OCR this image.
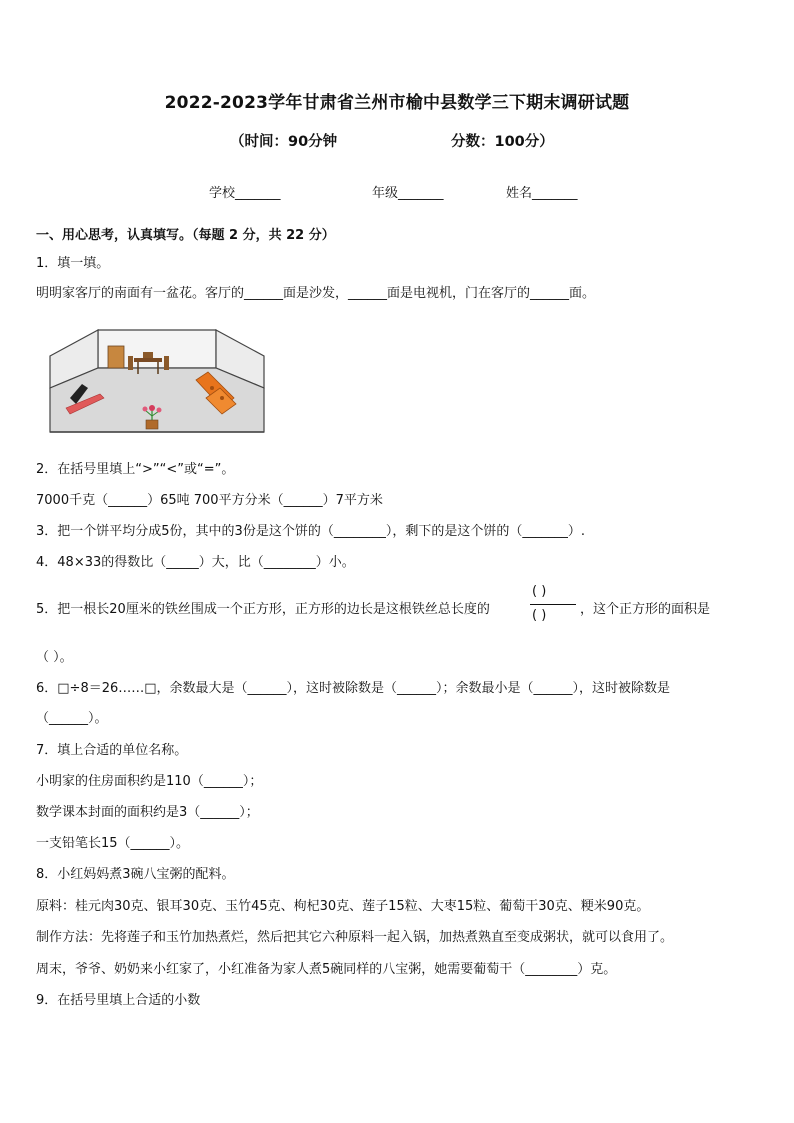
2022-2023学年甘肃省兰州市榆中县数学三下期末调研试题
（时间：90分钟	分数：100分）
学校_______	年级_______	姓名_______
一、用心思考，认真填写。（每题 2 分，共 22 分）
1．填一填。
明明家客厅的南面有一盆花。客厅的______面是沙发，______面是电视机，门在客厅的______面。
2．在括号里填上“>”“<”或“=”。
7000千克（______）65吨 700平方分米（______）7平方米
3．把一个饼平均分成5份，其中的3份是这个饼的（________），剩下的是这个饼的（_______）.
4．48×33的得数比（_____）大，比（________）小。
5．把一根长20厘米的铁丝围成一个正方形，正方形的边长是这根铁丝总长度的
( )
( )	，这个正方形的面积是
（ ）。
6．□÷8＝26……□，余数最大是（______），这时被除数是（______）；余数最小是（______），这时被除数是
（______）。
7．填上合适的单位名称。
小明家的住房面积约是110（______）；
数学课本封面的面积约是3（______）；
一支铅笔长15（______）。
8．小红妈妈煮3碗八宝粥的配料。
原料：桂元肉30克、银耳30克、玉竹45克、枸杞30克、莲子15粒、大枣15粒、葡萄干30克、粳米90克。
制作方法：先将莲子和玉竹加热煮烂，然后把其它六种原料一起入锅，加热煮熟直至变成粥状，就可以食用了。
周末，爷爷、奶奶来小红家了，小红准备为家人煮5碗同样的八宝粥，她需要葡萄干（________）克。
9．在括号里填上合适的小数
